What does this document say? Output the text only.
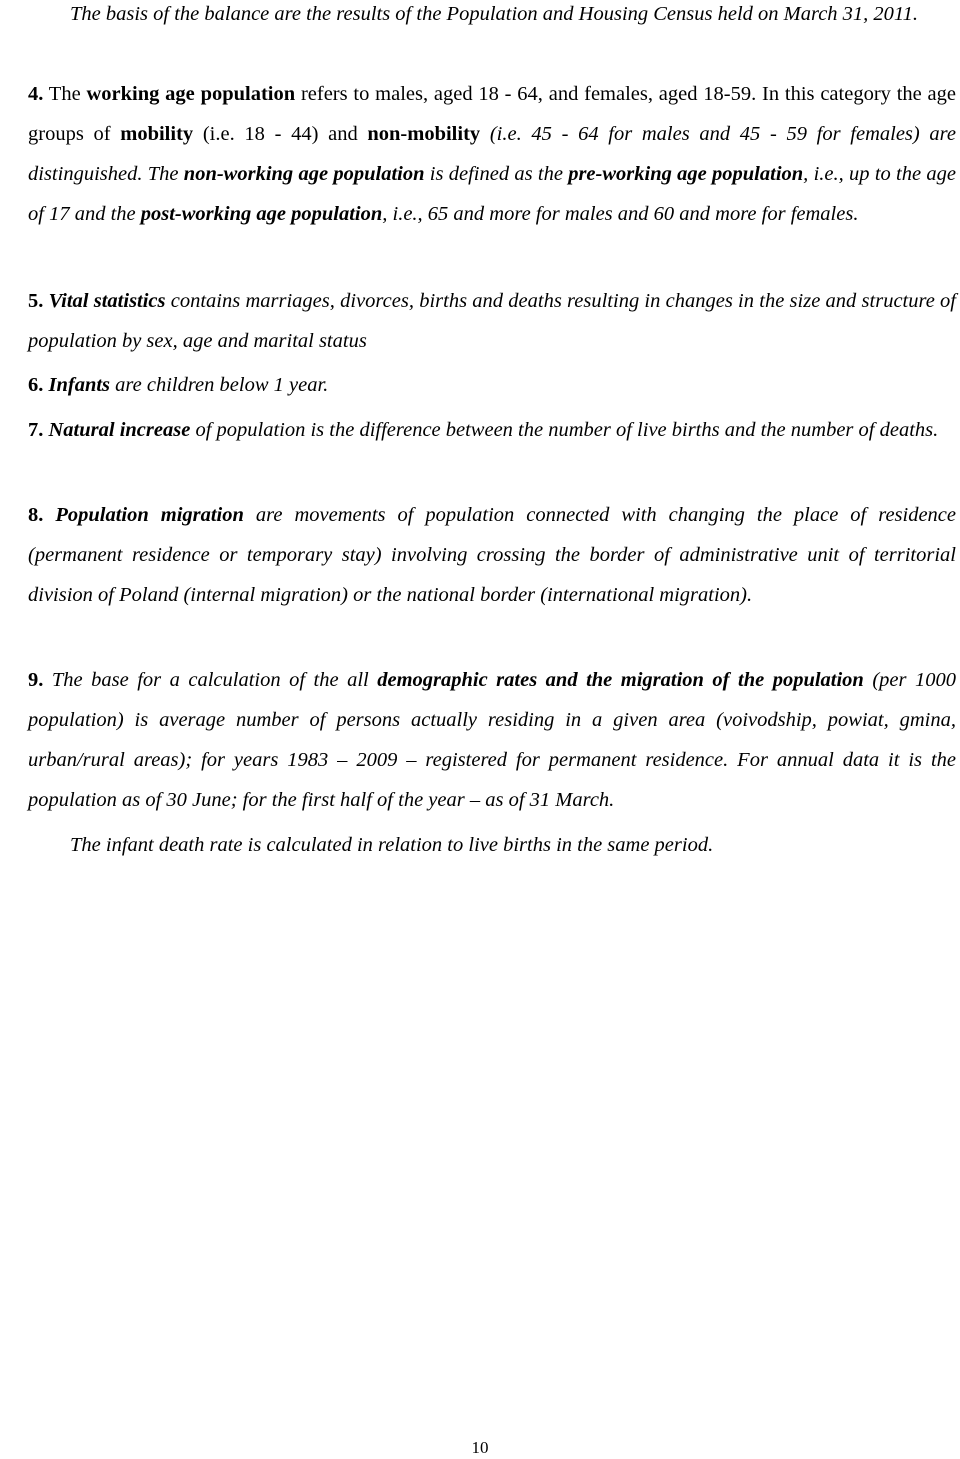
The basis of the balance are the results of the Population and Housing Census held on March 31, 2011.

4. The working age population refers to males, aged 18 - 64, and females, aged 18-59. In this category the age groups of mobility (i.e. 18 - 44) and non-mobility (i.e. 45 - 64 for males and 45 - 59 for females) are distinguished. The non-working age population is defined as the pre-working age population, i.e., up to the age of 17 and the post-working age population, i.e., 65 and more for males and 60 and more for females.

5. Vital statistics contains marriages, divorces, births and deaths resulting in changes in the size and structure of population by sex, age and marital status

6. Infants are children below 1 year.

7. Natural increase of population is the difference between the number of live births and the number of deaths.

8. Population migration are movements of population connected with changing the place of residence (permanent residence or temporary stay) involving crossing the border of administrative unit of territorial division of Poland (internal migration) or the national border (international migration).

9. The base for a calculation of the all demographic rates and the migration of the population (per 1000 population) is average number of persons actually residing in a given area (voivodship, powiat, gmina, urban/rural areas); for years 1983 – 2009 – registered for permanent residence. For annual data it is the population as of 30 June; for the first half of the year – as of 31 March.

The infant death rate is calculated in relation to live births in the same period.

10
